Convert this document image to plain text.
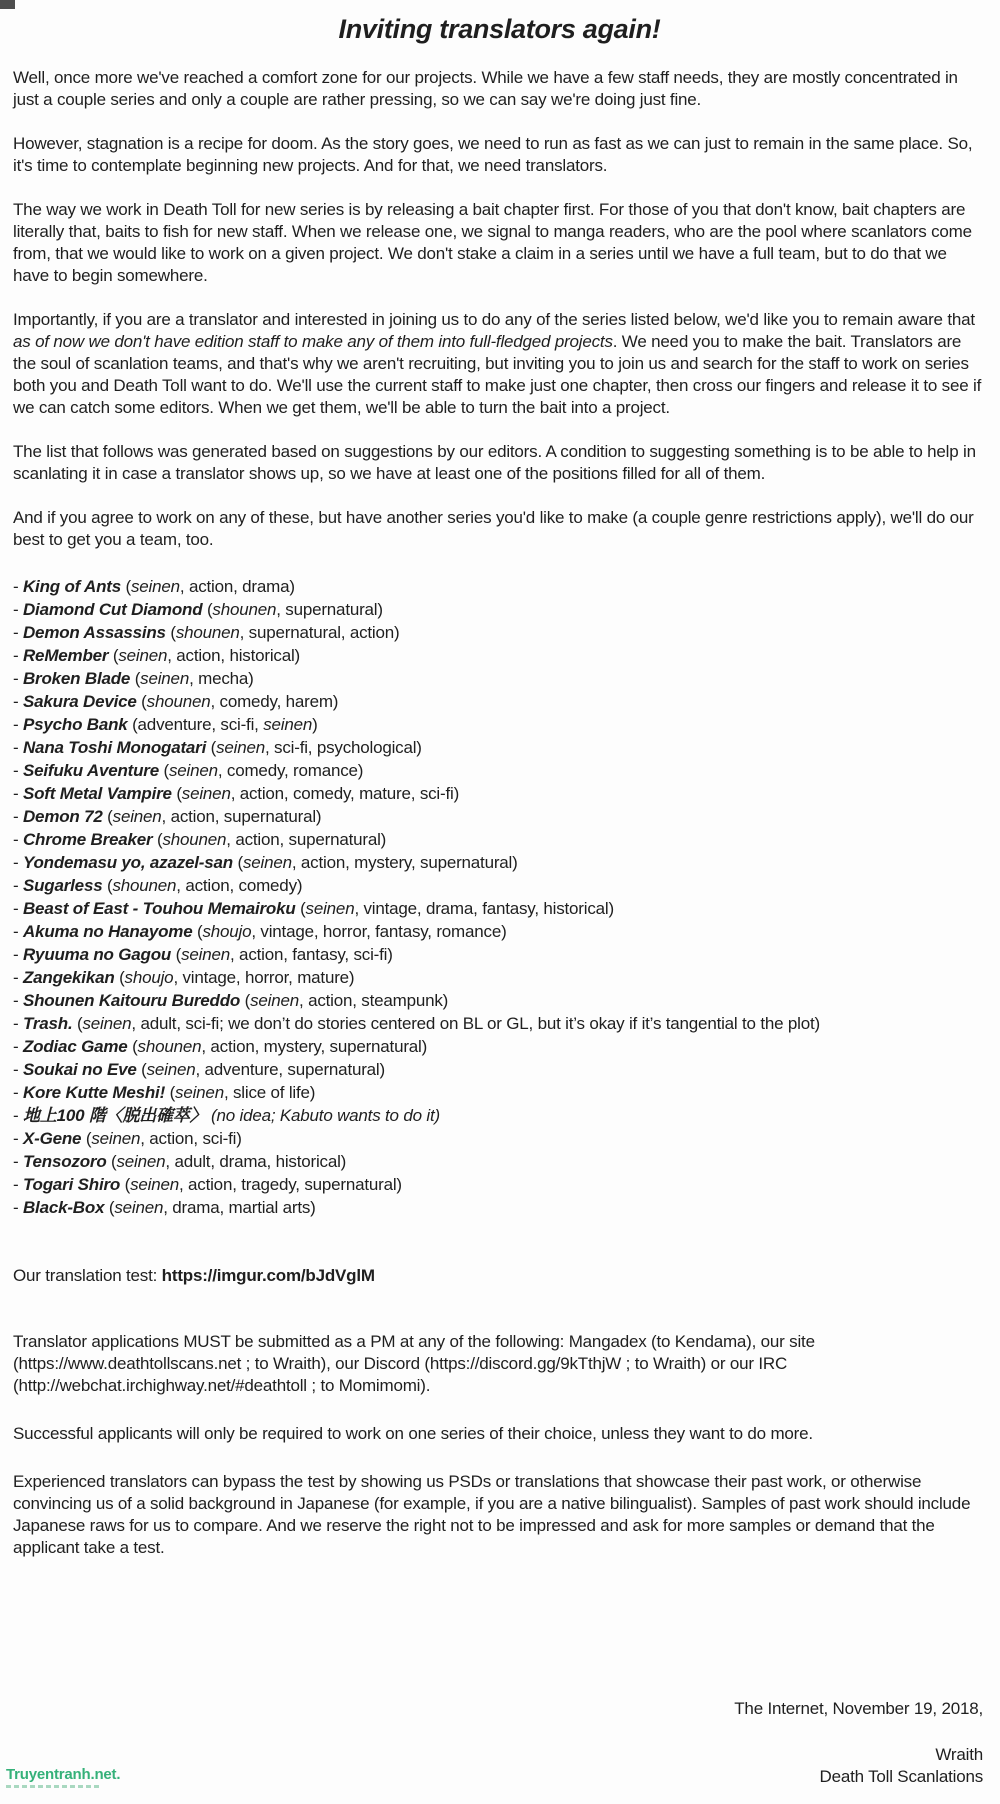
Inviting translators again!

Well, once more we've reached a comfort zone for our projects. While we have a few staff needs, they are mostly concentrated in just a couple series and only a couple are rather pressing, so we can say we're doing just fine.

However, stagnation is a recipe for doom. As the story goes, we need to run as fast as we can just to remain in the same place. So, it's time to contemplate beginning new projects. And for that, we need translators.

The way we work in Death Toll for new series is by releasing a bait chapter first. For those of you that don't know, bait chapters are literally that, baits to fish for new staff. When we release one, we signal to manga readers, who are the pool where scanlators come from, that we would like to work on a given project. We don't stake a claim in a series until we have a full team, but to do that we have to begin somewhere.

Importantly, if you are a translator and interested in joining us to do any of the series listed below, we'd like you to remain aware that as of now we don't have edition staff to make any of them into full-fledged projects. We need you to make the bait. Translators are the soul of scanlation teams, and that's why we aren't recruiting, but inviting you to join us and search for the staff to work on series both you and Death Toll want to do. We'll use the current staff to make just one chapter, then cross our fingers and release it to see if we can catch some editors. When we get them, we'll be able to turn the bait into a project.

The list that follows was generated based on suggestions by our editors. A condition to suggesting something is to be able to help in scanlating it in case a translator shows up, so we have at least one of the positions filled for all of them.

And if you agree to work on any of these, but have another series you'd like to make (a couple genre restrictions apply), we'll do our best to get you a team, too.

- King of Ants (seinen, action, drama)
- Diamond Cut Diamond (shounen, supernatural)
- Demon Assassins (shounen, supernatural, action)
- ReMember (seinen, action, historical)
- Broken Blade (seinen, mecha)
- Sakura Device (shounen, comedy, harem)
- Psycho Bank (adventure, sci-fi, seinen)
- Nana Toshi Monogatari (seinen, sci-fi, psychological)
- Seifuku Aventure (seinen, comedy, romance)
- Soft Metal Vampire (seinen, action, comedy, mature, sci-fi)
- Demon 72 (seinen, action, supernatural)
- Chrome Breaker (shounen, action, supernatural)
- Yondemasu yo, azazel-san (seinen, action, mystery, supernatural)
- Sugarless (shounen, action, comedy)
- Beast of East - Touhou Memairoku (seinen, vintage, drama, fantasy, historical)
- Akuma no Hanayome (shoujo, vintage, horror, fantasy, romance)
- Ryuuma no Gagou (seinen, action, fantasy, sci-fi)
- Zangekikan (shoujo, vintage, horror, mature)
- Shounen Kaitouru Bureddo (seinen, action, steampunk)
- Trash. (seinen, adult, sci-fi; we don’t do stories centered on BL or GL, but it’s okay if it’s tangential to the plot)
- Zodiac Game (shounen, action, mystery, supernatural)
- Soukai no Eve (seinen, adventure, supernatural)
- Kore Kutte Meshi! (seinen, slice of life)
- 地上100 階〈脱出確萃〉 (no idea; Kabuto wants to do it)
- X-Gene (seinen, action, sci-fi)
- Tensozoro (seinen, adult, drama, historical)
- Togari Shiro (seinen, action, tragedy, supernatural)
- Black-Box (seinen, drama, martial arts)

Our translation test: https://imgur.com/bJdVglM

Translator applications MUST be submitted as a PM at any of the following: Mangadex (to Kendama), our site (https://www.deathtollscans.net ; to Wraith), our Discord (https://discord.gg/9kTthjW ; to Wraith) or our IRC (http://webchat.irchighway.net/#deathtoll ; to Momimomi).

Successful applicants will only be required to work on one series of their choice, unless they want to do more.

Experienced translators can bypass the test by showing us PSDs or translations that showcase their past work, or otherwise convincing us of a solid background in Japanese (for example, if you are a native bilingualist). Samples of past work should include Japanese raws for us to compare. And we reserve the right not to be impressed and ask for more samples or demand that the applicant take a test.

The Internet, November 19, 2018,
Wraith
Death Toll Scanlations
Truyentranh.net.
